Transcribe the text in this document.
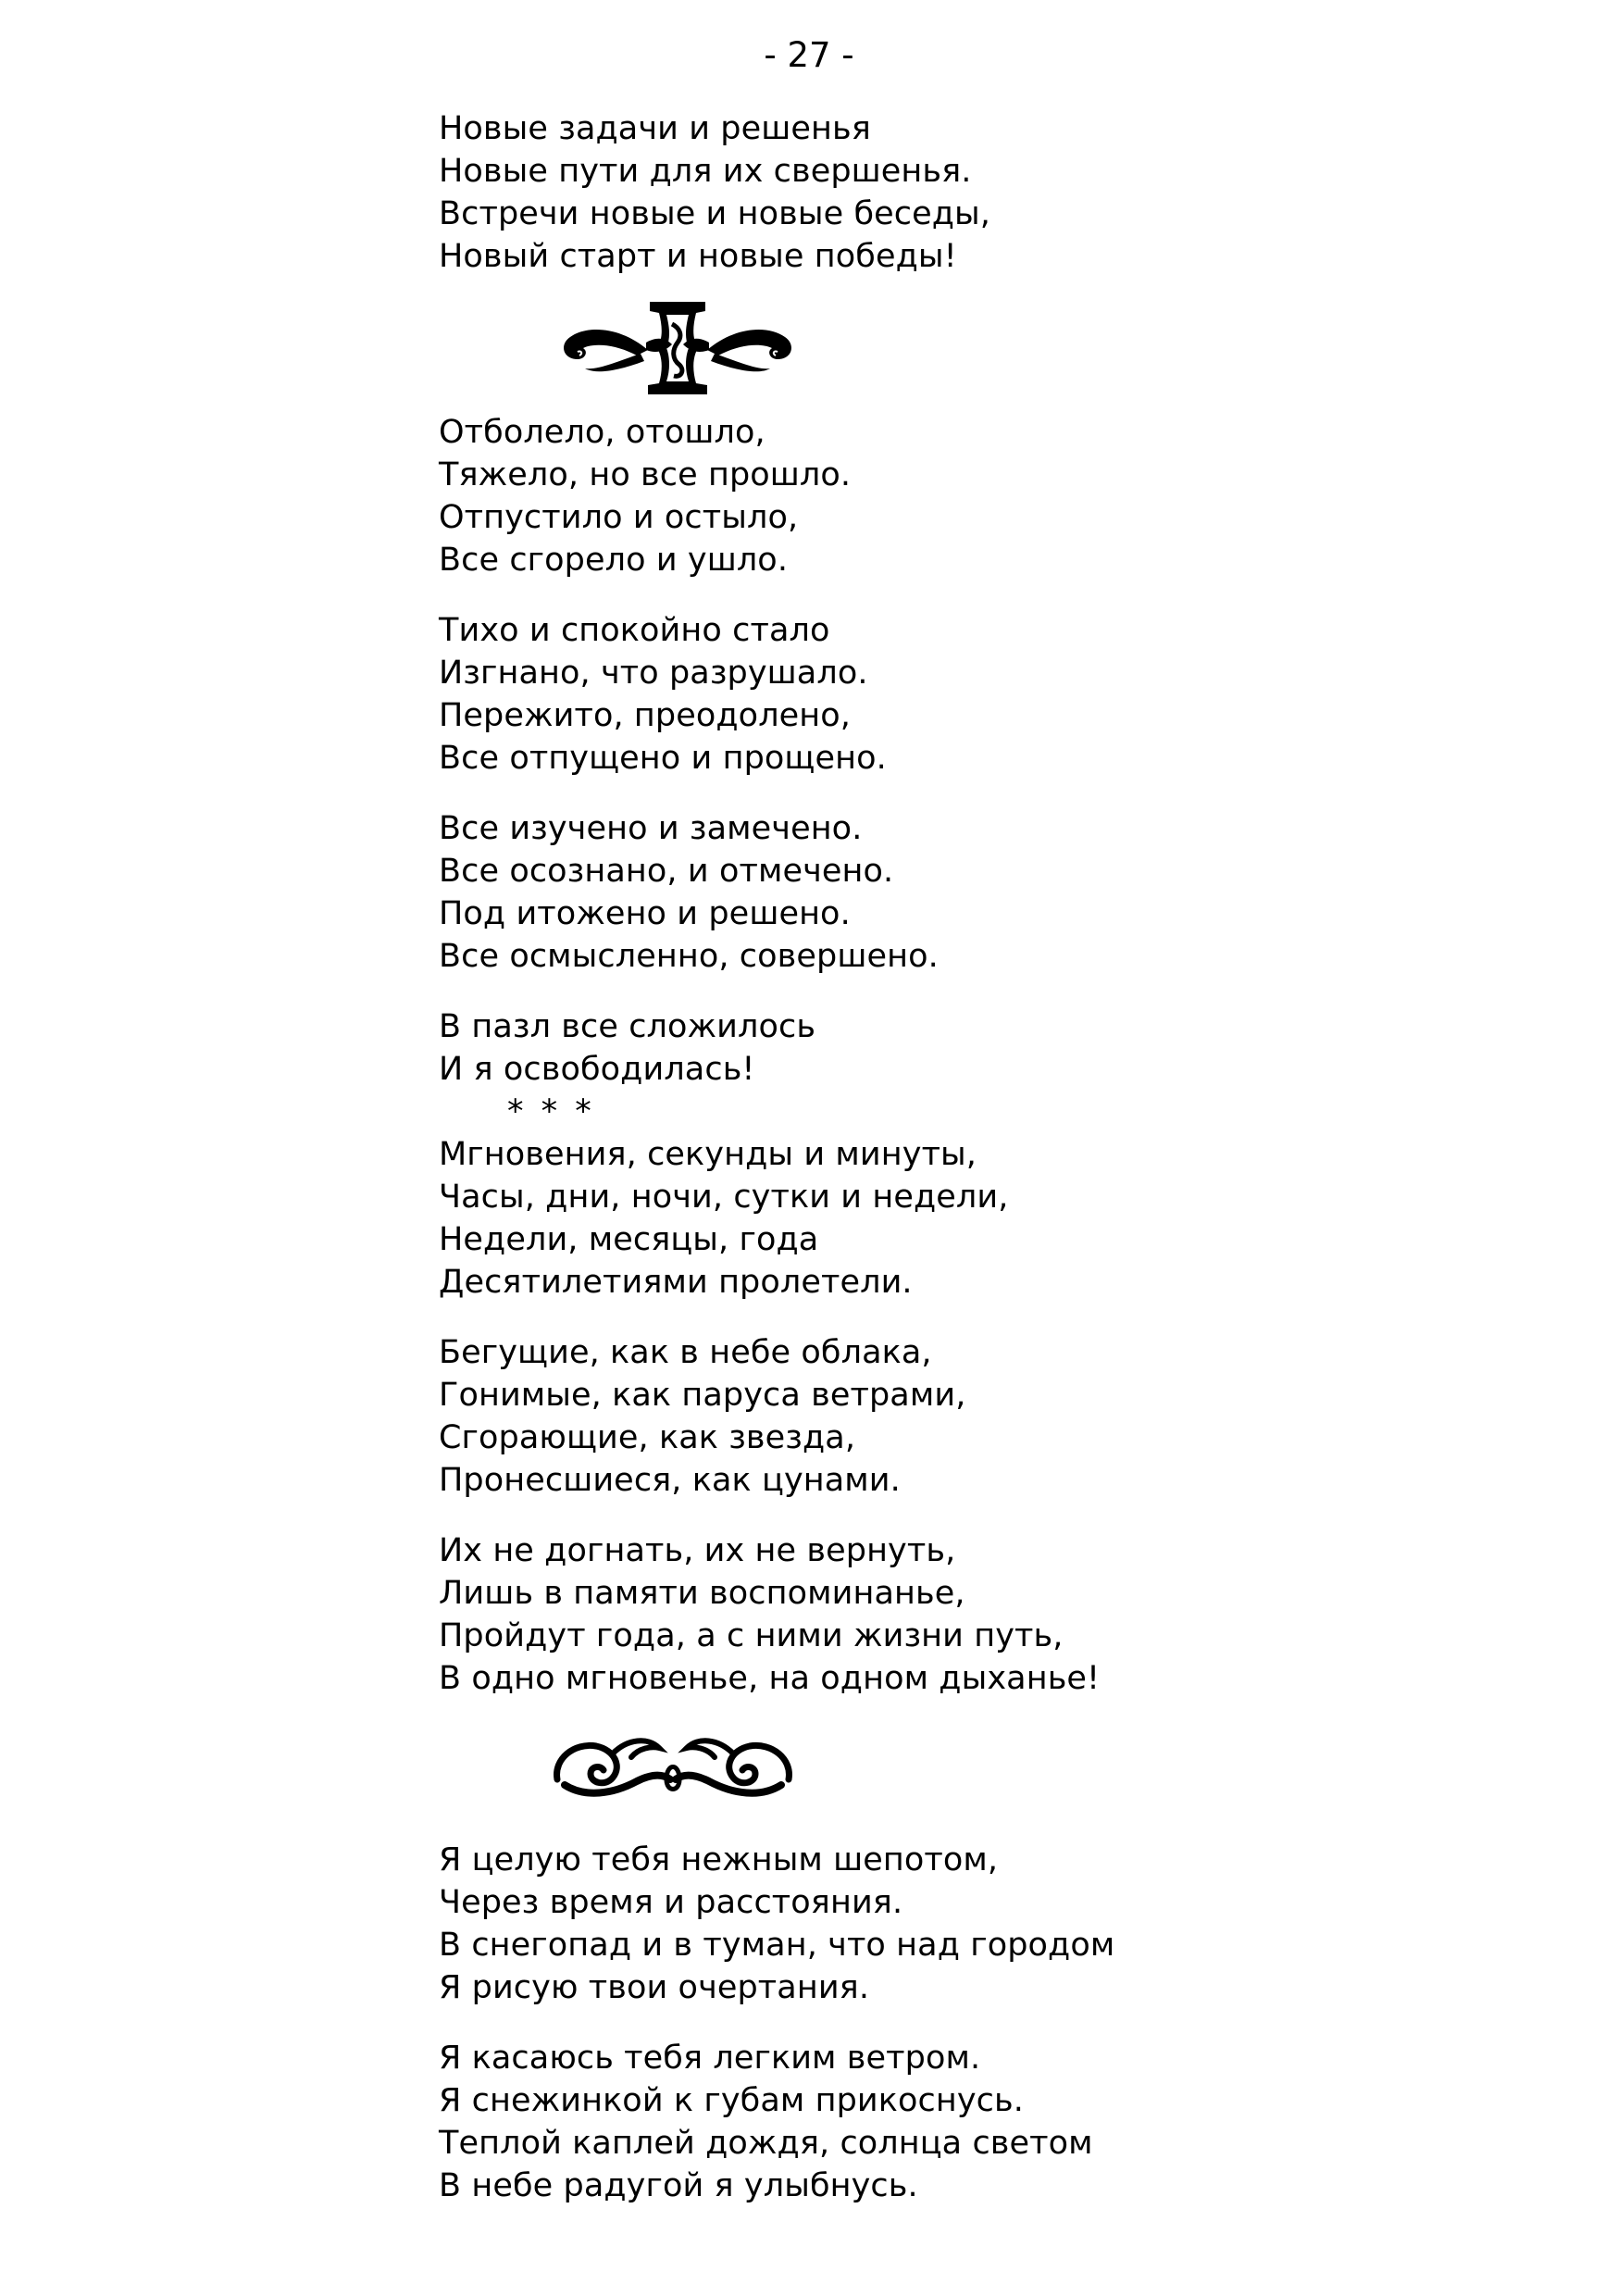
- 27 -
Новые задачи и решенья
Новые пути для их свершенья.
Встречи новые и новые беседы,
Новый старт и новые победы!
Отболело, отошло,
Тяжело, но все прошло.
Отпустило и остыло,
Все сгорело и ушло.
Тихо и спокойно стало
Изгнано, что разрушало.
Пережито, преодолено,
Все отпущено и прощено.
Все изучено и замечено.
Все осознано, и отмечено.
Под итожено и решено.
Все осмысленно, совершено.
В пазл все сложилось
И я освободилась!
* * *
Мгновения, секунды и минуты,
Часы, дни, ночи, сутки и недели,
Недели, месяцы, года
Десятилетиями пролетели.
Бегущие, как в небе облака,
Гонимые, как паруса ветрами,
Сгорающие, как звезда,
Пронесшиеся, как цунами.
Их не догнать, их не вернуть,
Лишь в памяти воспоминанье,
Пройдут года, а с ними жизни путь,
В одно мгновенье, на одном дыханье!
Я целую тебя нежным шепотом,
Через время и расстояния.
В снегопад и в туман, что над городом
Я рисую твои очертания.
Я касаюсь тебя легким ветром.
Я снежинкой к губам прикоснусь.
Теплой каплей дождя, солнца светом
В небе радугой я улыбнусь.
